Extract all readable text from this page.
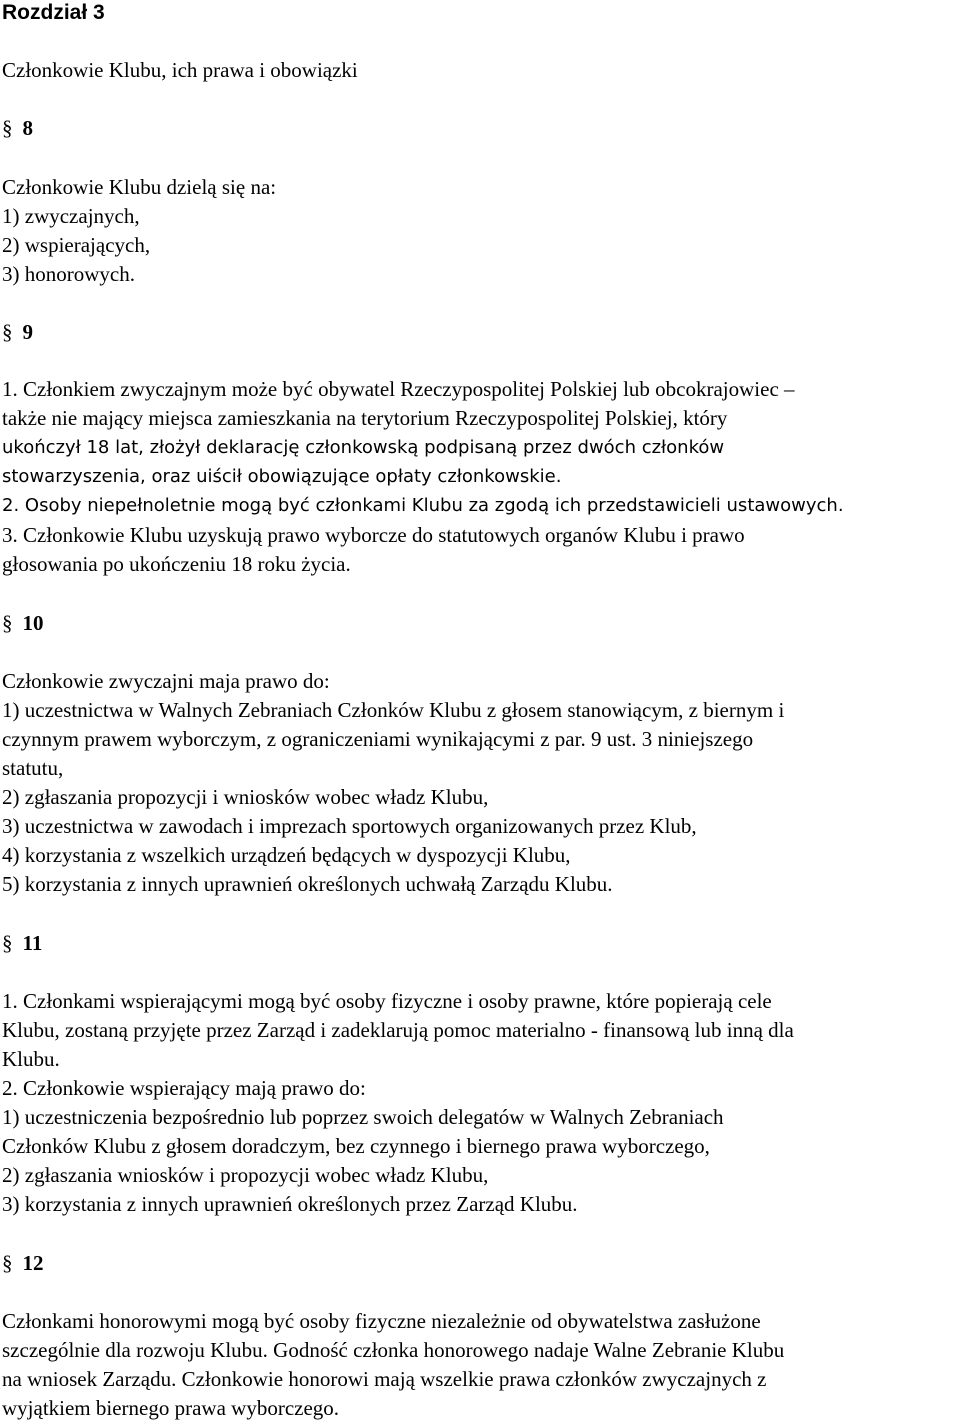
Rozdział 3
Członkowie Klubu, ich prawa i obowiązki
§ 8
Członkowie Klubu dzielą się na:
1) zwyczajnych,
2) wspierających,
3) honorowych.
§ 9
1. Członkiem zwyczajnym może być obywatel Rzeczypospolitej Polskiej lub obcokrajowiec –
także nie mający miejsca zamieszkania na terytorium Rzeczypospolitej Polskiej, który
ukończył 18 lat, złożył deklarację członkowską podpisaną przez dwóch członków
stowarzyszenia, oraz uiścił obowiązujące opłaty członkowskie.
2. Osoby niepełnoletnie mogą być członkami Klubu za zgodą ich przedstawicieli ustawowych.
3. Członkowie Klubu uzyskują prawo wyborcze do statutowych organów Klubu i prawo
głosowania po ukończeniu 18 roku życia.
§ 10
Członkowie zwyczajni maja prawo do:
1) uczestnictwa w Walnych Zebraniach Członków Klubu z głosem stanowiącym, z biernym i
czynnym prawem wyborczym, z ograniczeniami wynikającymi z par. 9 ust. 3 niniejszego
statutu,
2) zgłaszania propozycji i wniosków wobec władz Klubu,
3) uczestnictwa w zawodach i imprezach sportowych organizowanych przez Klub,
4) korzystania z wszelkich urządzeń będących w dyspozycji Klubu,
5) korzystania z innych uprawnień określonych uchwałą Zarządu Klubu.
§ 11
1. Członkami wspierającymi mogą być osoby fizyczne i osoby prawne, które popierają cele
Klubu, zostaną przyjęte przez Zarząd i zadeklarują pomoc materialno - finansową lub inną dla
Klubu.
2. Członkowie wspierający mają prawo do:
1) uczestniczenia bezpośrednio lub poprzez swoich delegatów w Walnych Zebraniach
Członków Klubu z głosem doradczym, bez czynnego i biernego prawa wyborczego,
2) zgłaszania wniosków i propozycji wobec władz Klubu,
3) korzystania z innych uprawnień określonych przez Zarząd Klubu.
§ 12
Członkami honorowymi mogą być osoby fizyczne niezależnie od obywatelstwa zasłużone
szczególnie dla rozwoju Klubu. Godność członka honorowego nadaje Walne Zebranie Klubu
na wniosek Zarządu. Członkowie honorowi mają wszelkie prawa członków zwyczajnych z
wyjątkiem biernego prawa wyborczego.
